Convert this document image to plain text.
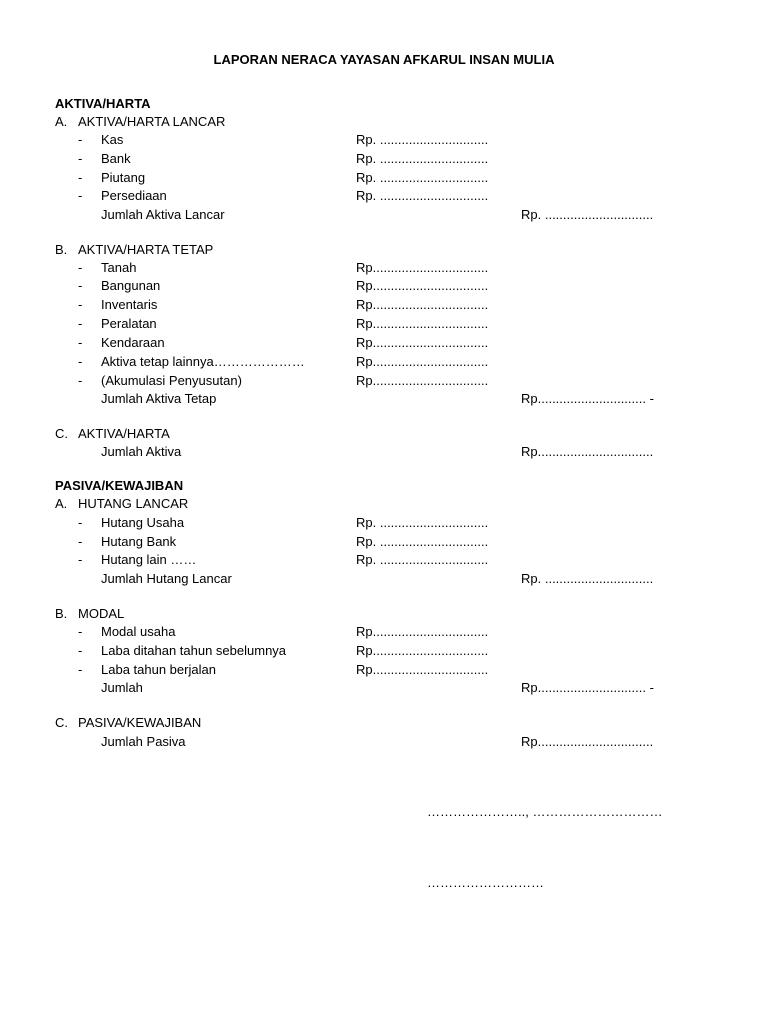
LAPORAN NERACA YAYASAN AFKARUL INSAN MULIA
AKTIVA/HARTA
A. AKTIVA/HARTA LANCAR
- Kas	Rp. ..............................
- Bank	Rp. ..............................
- Piutang	Rp. ..............................
- Persediaan	Rp. ..............................
Jumlah Aktiva Lancar	Rp. ..............................
B. AKTIVA/HARTA TETAP
- Tanah	Rp................................
- Bangunan	Rp................................
- Inventaris	Rp................................
- Peralatan	Rp................................
- Kendaraan	Rp................................
- Aktiva tetap lainnya…………………	Rp................................
- (Akumulasi Penyusutan)	Rp................................
Jumlah Aktiva Tetap	Rp.............................. -
C. AKTIVA/HARTA
Jumlah Aktiva	Rp................................
PASIVA/KEWAJIBAN
A. HUTANG LANCAR
- Hutang Usaha	Rp. ..............................
- Hutang Bank	Rp. ..............................
- Hutang lain ……	Rp. ..............................
Jumlah Hutang Lancar	Rp. ..............................
B. MODAL
- Modal usaha	Rp................................
- Laba ditahan tahun sebelumnya	Rp................................
- Laba tahun berjalan	Rp................................
Jumlah	Rp.............................. -
C. PASIVA/KEWAJIBAN
Jumlah Pasiva	Rp................................
………………….., …………………………
………………………
